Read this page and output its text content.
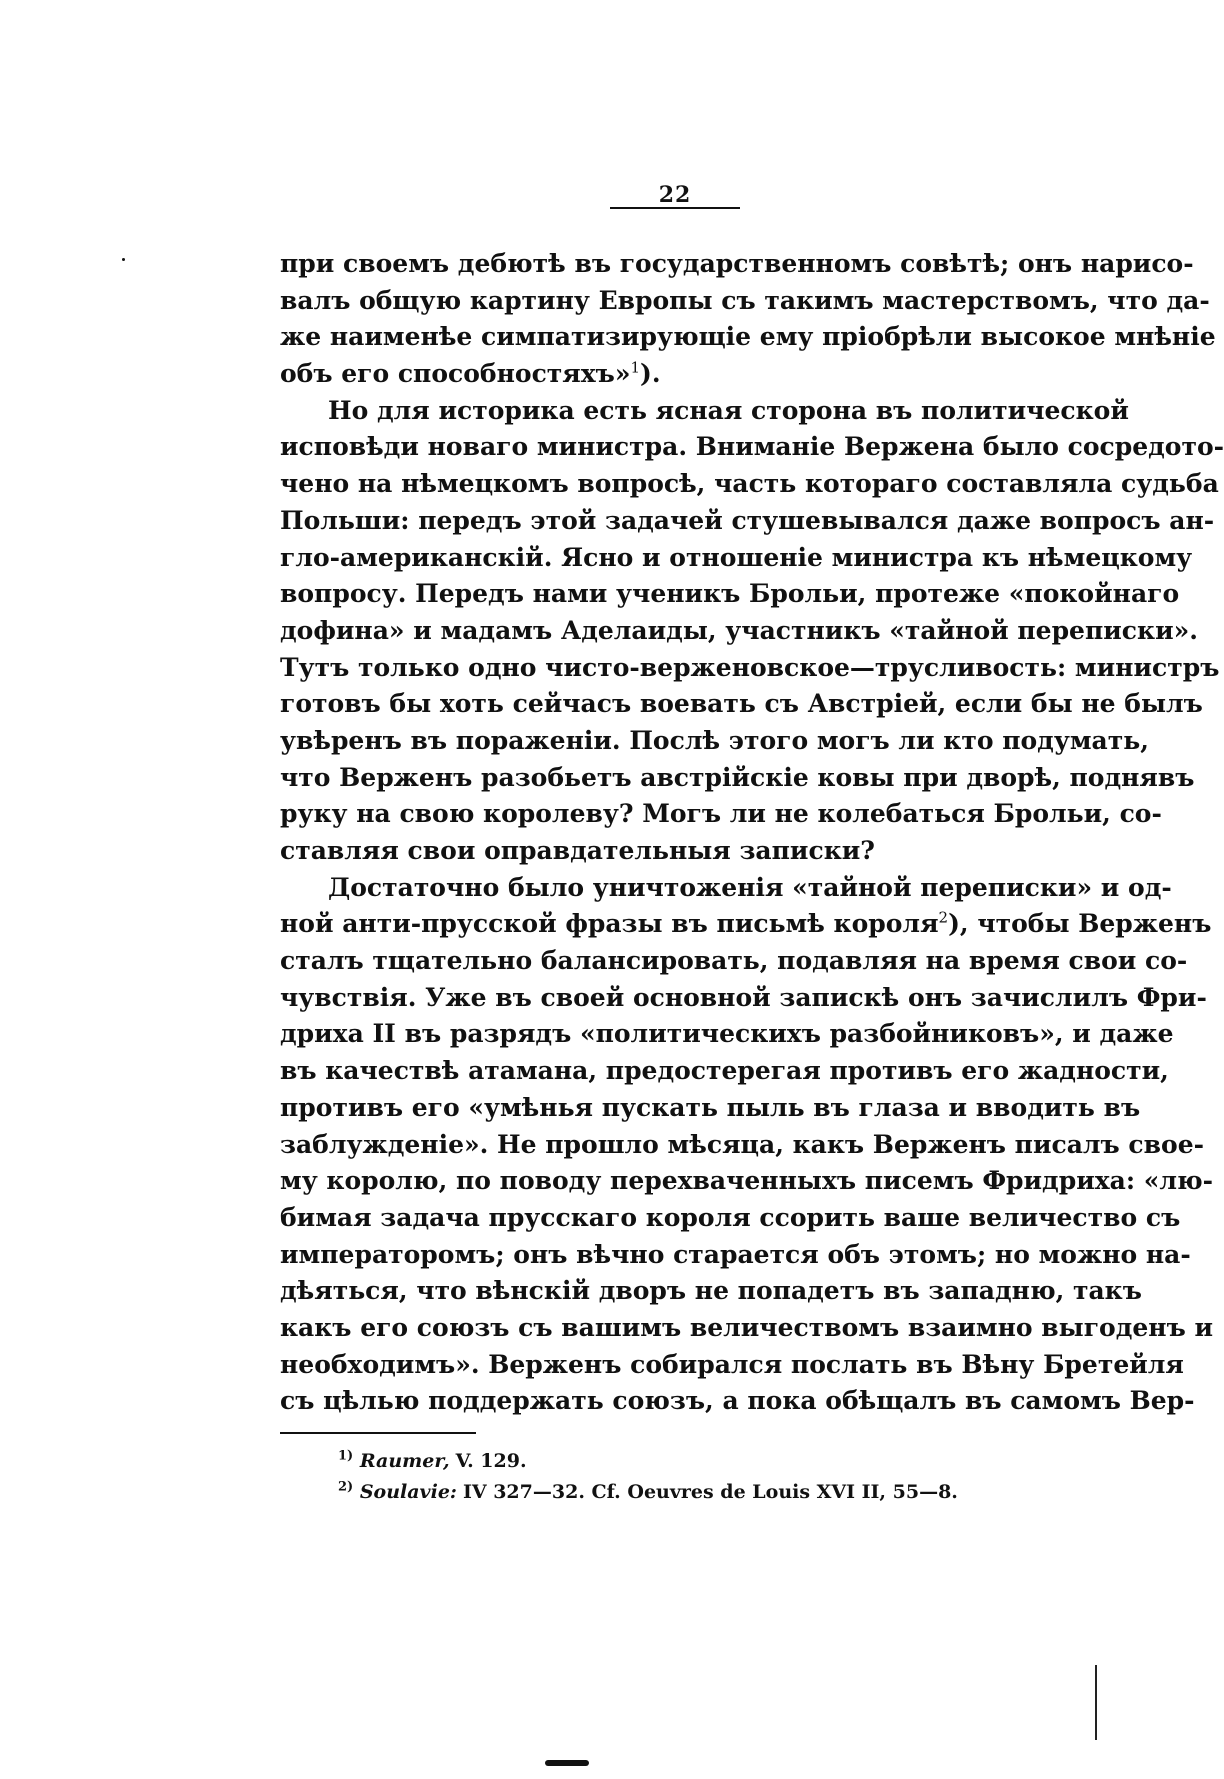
22
при своемъ дебютѣ въ государственномъ совѣтѣ; онъ нарисо-
валъ общую картину Европы съ такимъ мастерствомъ, что да-
же наименѣе симпатизирующіе ему пріобрѣли высокое мнѣніе
объ его способностяхъ»$^1$).
Но для историка есть ясная сторона въ политической
исповѣди новаго министра. Вниманіе Верженa было сосредото-
чено на нѣмецкомъ вопросѣ, часть котораго составляла судьба
Польши: передъ этой задачей стушевывался даже вопросъ ан-
гло-американскій. Ясно и отношеніе министра къ нѣмецкому
вопросу. Передъ нами ученикъ Брольи, протеже «покойнаго
дофина» и мадамъ Аделаиды, участникъ «тайной переписки».
Тутъ только одно чисто-верженовское—трусливость: министръ
готовъ бы хоть сейчасъ воевать съ Австріей, если бы не былъ
увѣренъ въ пораженіи. Послѣ этого могъ ли кто подумать,
что Верженъ разобьетъ австрійскіе ковы при дворѣ, поднявъ
руку на свою королеву? Могъ ли не колебаться Брольи, со-
ставляя свои оправдательныя записки?
Достаточно было уничтоженія «тайной переписки» и од-
ной анти-прусской фразы въ письмѣ короля$^2$), чтобы Верженъ
сталъ тщательно балансировать, подавляя на время свои со-
чувствія. Уже въ своей основной запискѣ онъ зачислилъ Фри-
дриха II въ разрядъ «политическихъ разбойниковъ», и даже
въ качествѣ атамана, предостерегая противъ его жадности,
противъ его «умѣнья пускать пыль въ глаза и вводить въ
заблужденіе». Не прошло мѣсяца, какъ Верженъ писалъ свое-
му королю, по поводу перехваченныхъ писемъ Фридриха: «лю-
бимая задача прусскаго короля ссорить ваше величество съ
императоромъ; онъ вѣчно старается объ этомъ; но можно на-
дѣяться, что вѣнскій дворъ не попадетъ въ западню, такъ
какъ его союзъ съ вашимъ величествомъ взаимно выгоденъ и
необходимъ». Верженъ собирался послать въ Вѣну Бретейля
съ цѣлью поддержать союзъ, а пока обѣщалъ въ самомъ Вер-
$^{1)}$ Raumer, V. 129.
$^{2)}$ Soulavie: IV 327—32. Cf. Oeuvres de Louis XVI II, 55—8.
